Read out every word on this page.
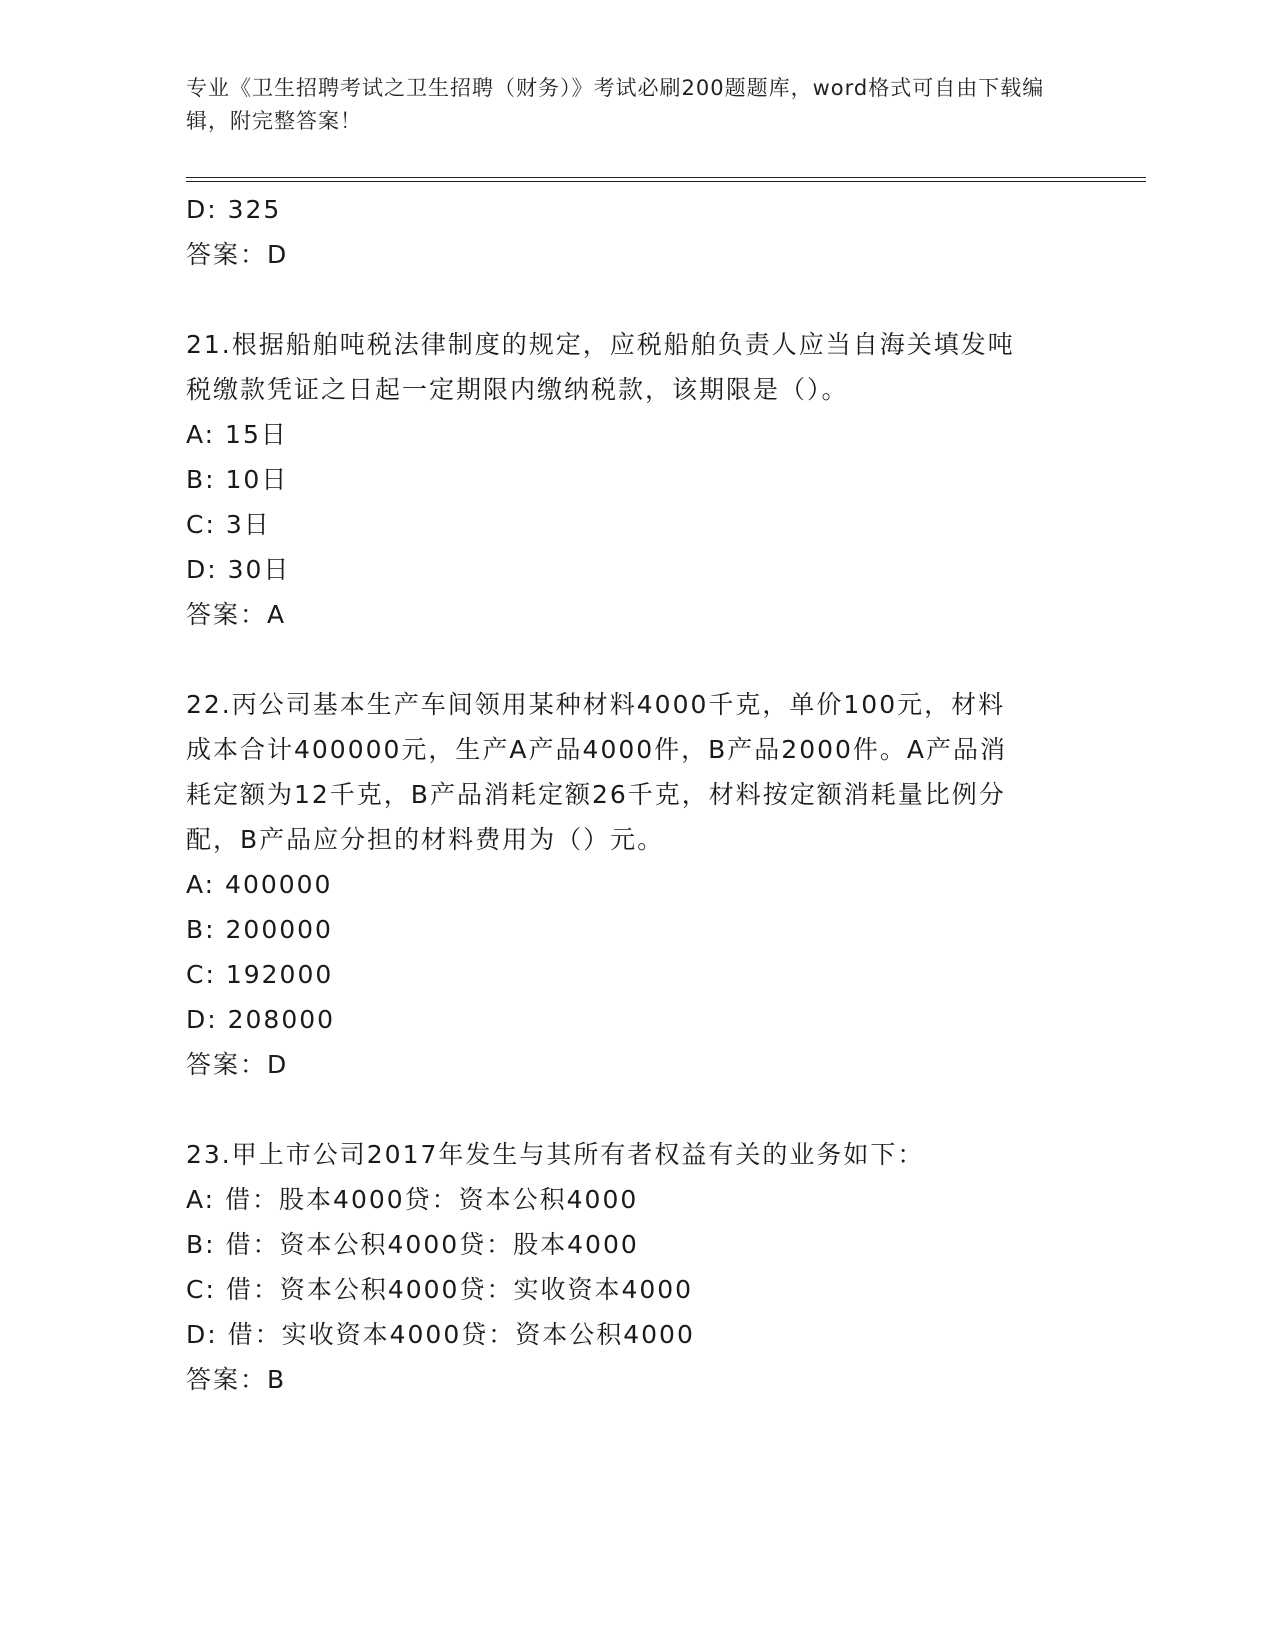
专业《卫生招聘考试之卫生招聘（财务）》考试必刷200题题库，word格式可自由下载编辑，附完整答案！
D: 325
答案：D
21.根据船舶吨税法律制度的规定，应税船舶负责人应当自海关填发吨
税缴款凭证之日起一定期限内缴纳税款，该期限是（）。
A: 15日
B: 10日
C: 3日
D: 30日
答案：A
22.丙公司基本生产车间领用某种材料4000千克，单价100元，材料
成本合计400000元，生产A产品4000件，B产品2000件。A产品消
耗定额为12千克，B产品消耗定额26千克，材料按定额消耗量比例分
配，B产品应分担的材料费用为（）元。
A: 400000
B: 200000
C: 192000
D: 208000
答案：D
23.甲上市公司2017年发生与其所有者权益有关的业务如下：
A: 借：股本4000贷：资本公积4000
B: 借：资本公积4000贷：股本4000
C: 借：资本公积4000贷：实收资本4000
D: 借：实收资本4000贷：资本公积4000
答案：B
